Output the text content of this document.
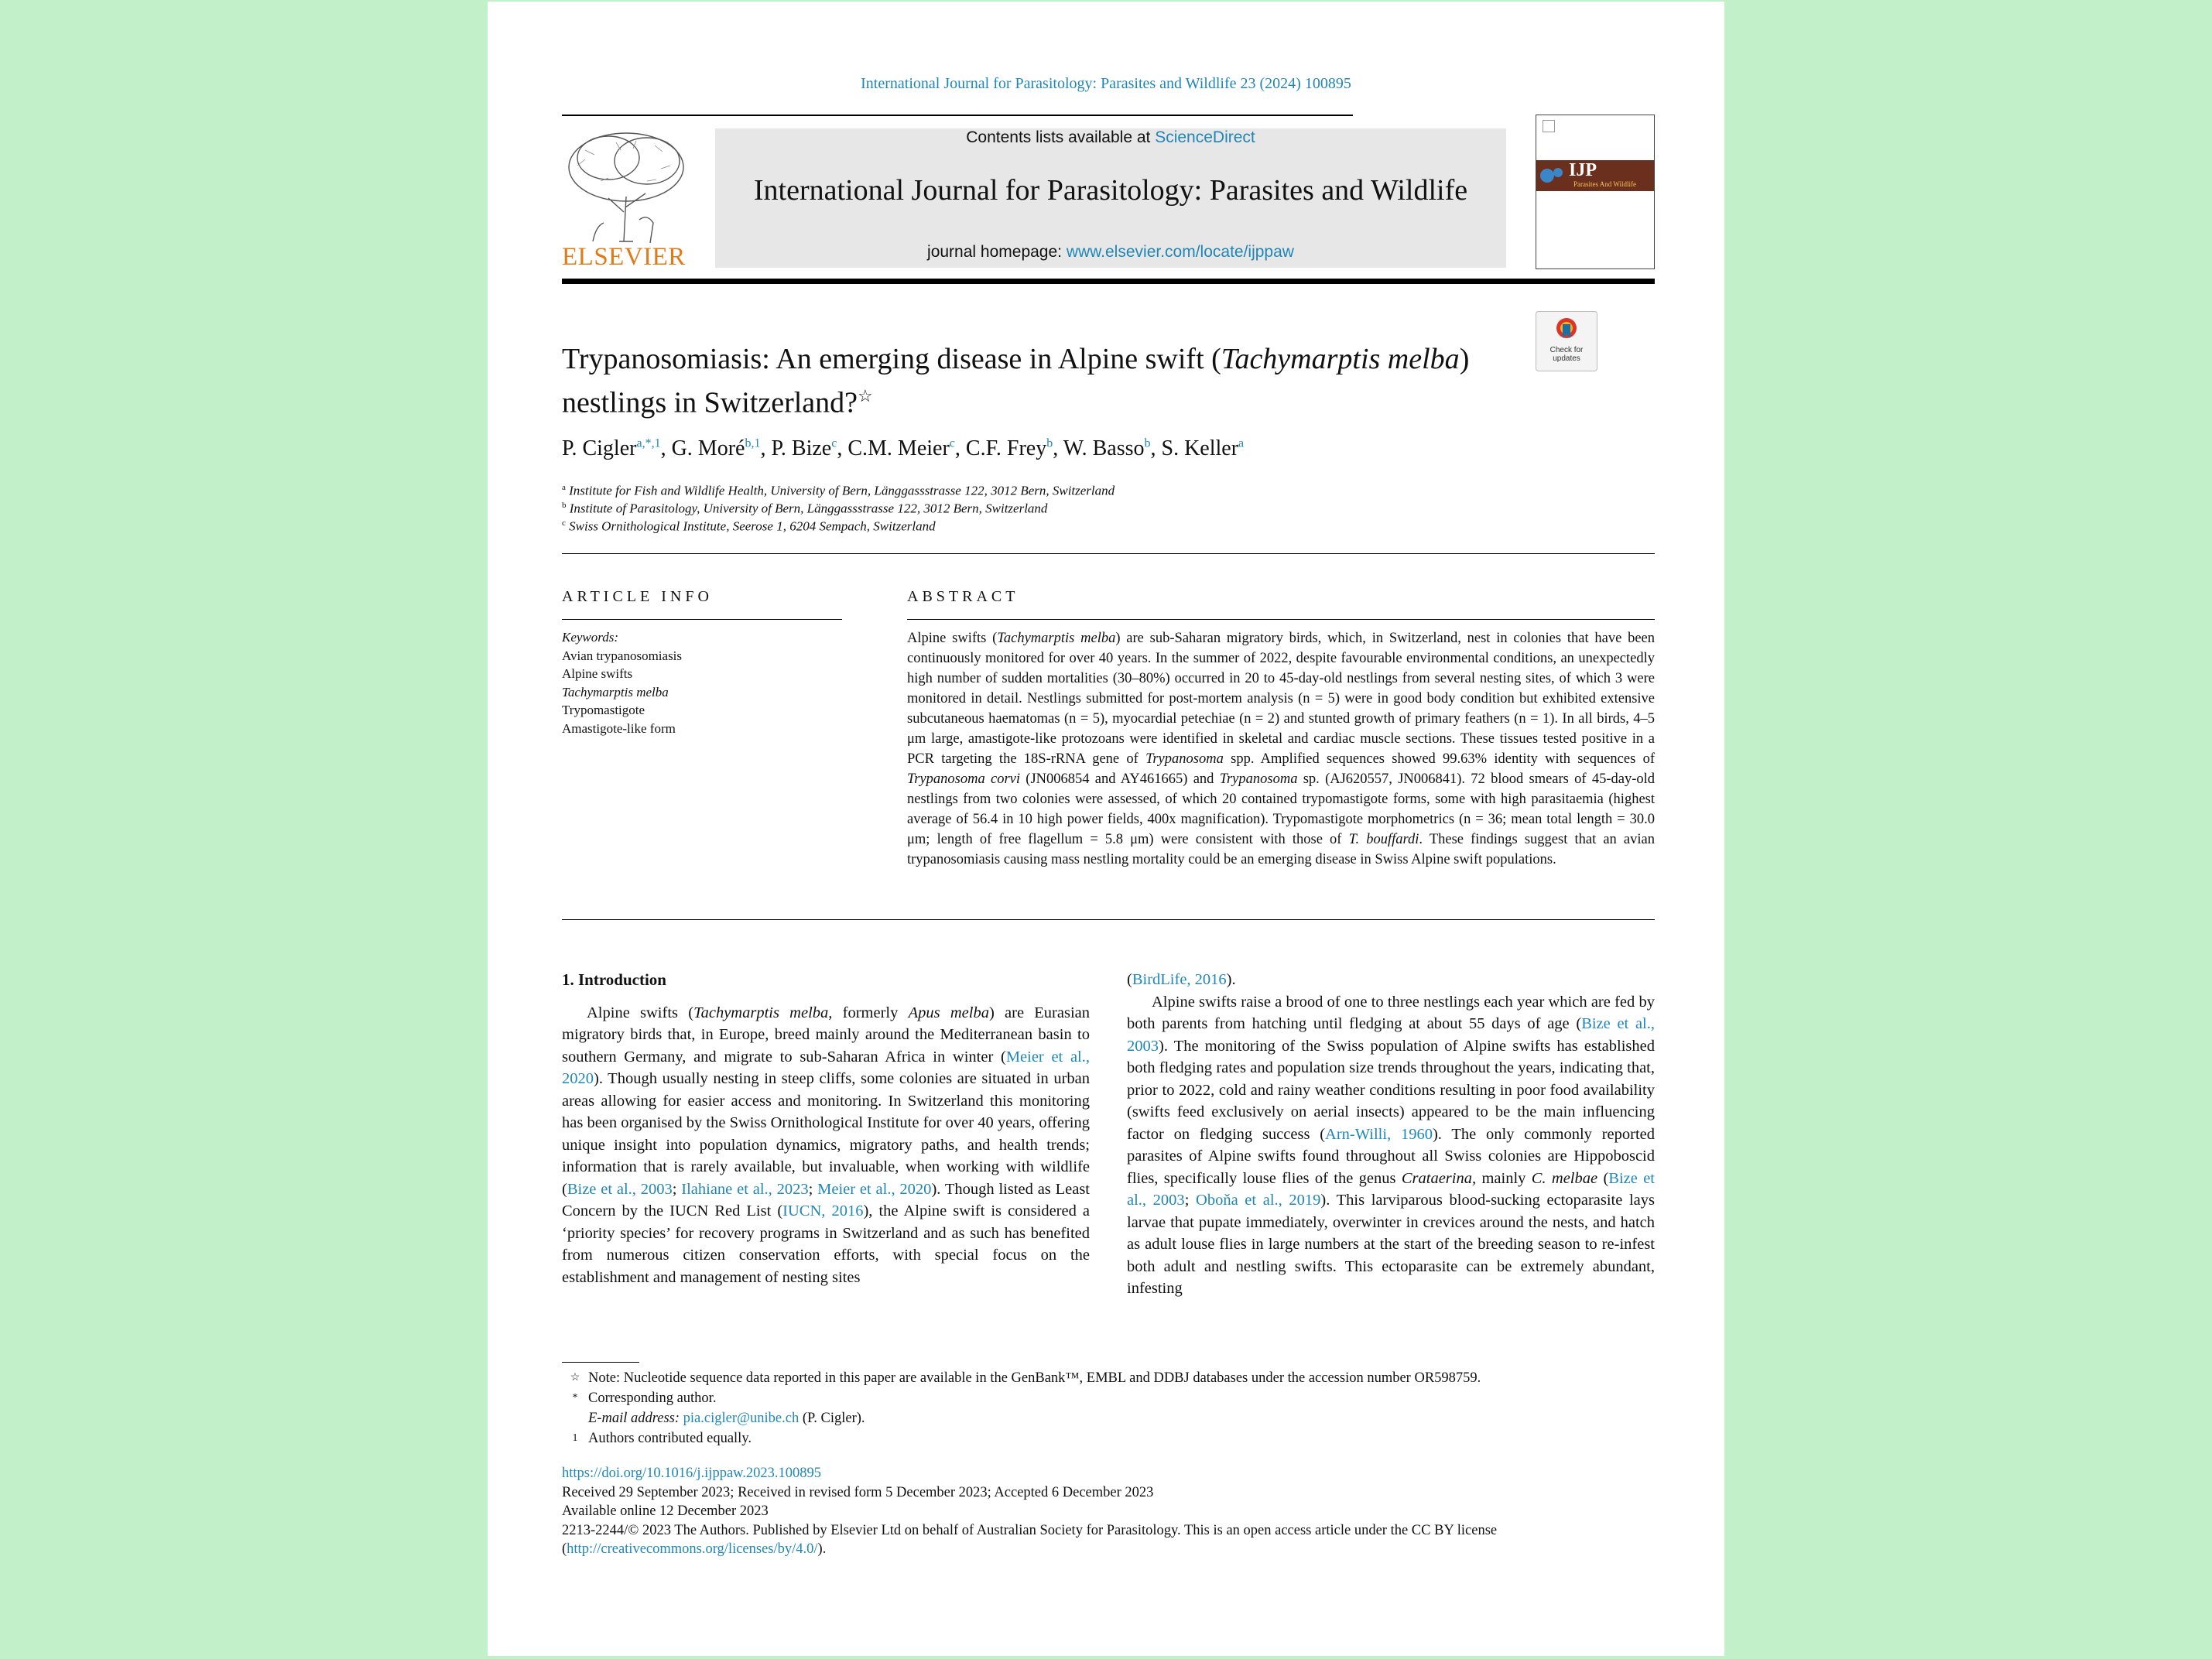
International Journal for Parasitology: Parasites and Wildlife 23 (2024) 100895
ELSEVIER
Contents lists available at ScienceDirect
International Journal for Parasitology: Parasites and Wildlife
journal homepage: www.elsevier.com/locate/ijppaw
IJP
Parasites And Wildlife
Check for updates
Trypanosomiasis: An emerging disease in Alpine swift (Tachymarptis melba) nestlings in Switzerland?☆
P. Cigler$^{a,*,1}$, G. Moré$^{b,1}$, P. Bize$^c$, C.M. Meier$^c$, C.F. Frey$^b$, W. Basso$^b$, S. Keller$^a$
$^a$ Institute for Fish and Wildlife Health, University of Bern, Länggassstrasse 122, 3012 Bern, Switzerland
$^b$ Institute of Parasitology, University of Bern, Länggassstrasse 122, 3012 Bern, Switzerland
$^c$ Swiss Ornithological Institute, Seerose 1, 6204 Sempach, Switzerland
ARTICLE INFO	ABSTRACT
Keywords:
Avian trypanosomiasis
Alpine swifts
Tachymarptis melba
Trypomastigote
Amastigote-like form
Alpine swifts (Tachymarptis melba) are sub-Saharan migratory birds, which, in Switzerland, nest in colonies that have been continuously monitored for over 40 years. In the summer of 2022, despite favourable environmental conditions, an unexpectedly high number of sudden mortalities (30–80%) occurred in 20 to 45-day-old nestlings from several nesting sites, of which 3 were monitored in detail. Nestlings submitted for post-mortem analysis (n = 5) were in good body condition but exhibited extensive subcutaneous haematomas (n = 5), myocardial petechiae (n = 2) and stunted growth of primary feathers (n = 1). In all birds, 4–5 μm large, amastigote-like protozoans were identified in skeletal and cardiac muscle sections. These tissues tested positive in a PCR targeting the 18S-rRNA gene of Trypanosoma spp. Amplified sequences showed 99.63% identity with sequences of Trypanosoma corvi (JN006854 and AY461665) and Trypanosoma sp. (AJ620557, JN006841). 72 blood smears of 45-day-old nestlings from two colonies were assessed, of which 20 contained trypomastigote forms, some with high parasitaemia (highest average of 56.4 in 10 high power fields, 400x magnification). Trypomastigote morphometrics (n = 36; mean total length = 30.0 μm; length of free flagellum = 5.8 μm) were consistent with those of T. bouffardi. These findings suggest that an avian trypanosomiasis causing mass nestling mortality could be an emerging disease in Swiss Alpine swift populations.

1. Introduction

Alpine swifts (Tachymarptis melba, formerly Apus melba) are Eurasian migratory birds that, in Europe, breed mainly around the Mediterranean basin to southern Germany, and migrate to sub-Saharan Africa in winter (Meier et al., 2020). Though usually nesting in steep cliffs, some colonies are situated in urban areas allowing for easier access and monitoring. In Switzerland this monitoring has been organised by the Swiss Ornithological Institute for over 40 years, offering unique insight into population dynamics, migratory paths, and health trends; information that is rarely available, but invaluable, when working with wildlife (Bize et al., 2003; Ilahiane et al., 2023; Meier et al., 2020). Though listed as Least Concern by the IUCN Red List (IUCN, 2016), the Alpine swift is considered a ‘priority species’ for recovery programs in Switzerland and as such has benefited from numerous citizen conservation efforts, with special focus on the establishment and management of nesting sites

(BirdLife, 2016).

Alpine swifts raise a brood of one to three nestlings each year which are fed by both parents from hatching until fledging at about 55 days of age (Bize et al., 2003). The monitoring of the Swiss population of Alpine swifts has established both fledging rates and population size trends throughout the years, indicating that, prior to 2022, cold and rainy weather conditions resulting in poor food availability (swifts feed exclusively on aerial insects) appeared to be the main influencing factor on fledging success (Arn-Willi, 1960). The only commonly reported parasites of Alpine swifts found throughout all Swiss colonies are Hippoboscid flies, specifically louse flies of the genus Crataerina, mainly C. melbae (Bize et al., 2003; Oboňa et al., 2019). This larviparous blood-sucking ectoparasite lays larvae that pupate immediately, overwinter in crevices around the nests, and hatch as adult louse flies in large numbers at the start of the breeding season to re-infest both adult and nestling swifts. This ectoparasite can be extremely abundant, infesting

☆ Note: Nucleotide sequence data reported in this paper are available in the GenBank™, EMBL and DDBJ databases under the accession number OR598759.
* Corresponding author.
E-mail address: pia.cigler@unibe.ch (P. Cigler).
1 Authors contributed equally.
https://doi.org/10.1016/j.ijppaw.2023.100895
Received 29 September 2023; Received in revised form 5 December 2023; Accepted 6 December 2023
Available online 12 December 2023
2213-2244/© 2023 The Authors. Published by Elsevier Ltd on behalf of Australian Society for Parasitology. This is an open access article under the CC BY license
(http://creativecommons.org/licenses/by/4.0/).
